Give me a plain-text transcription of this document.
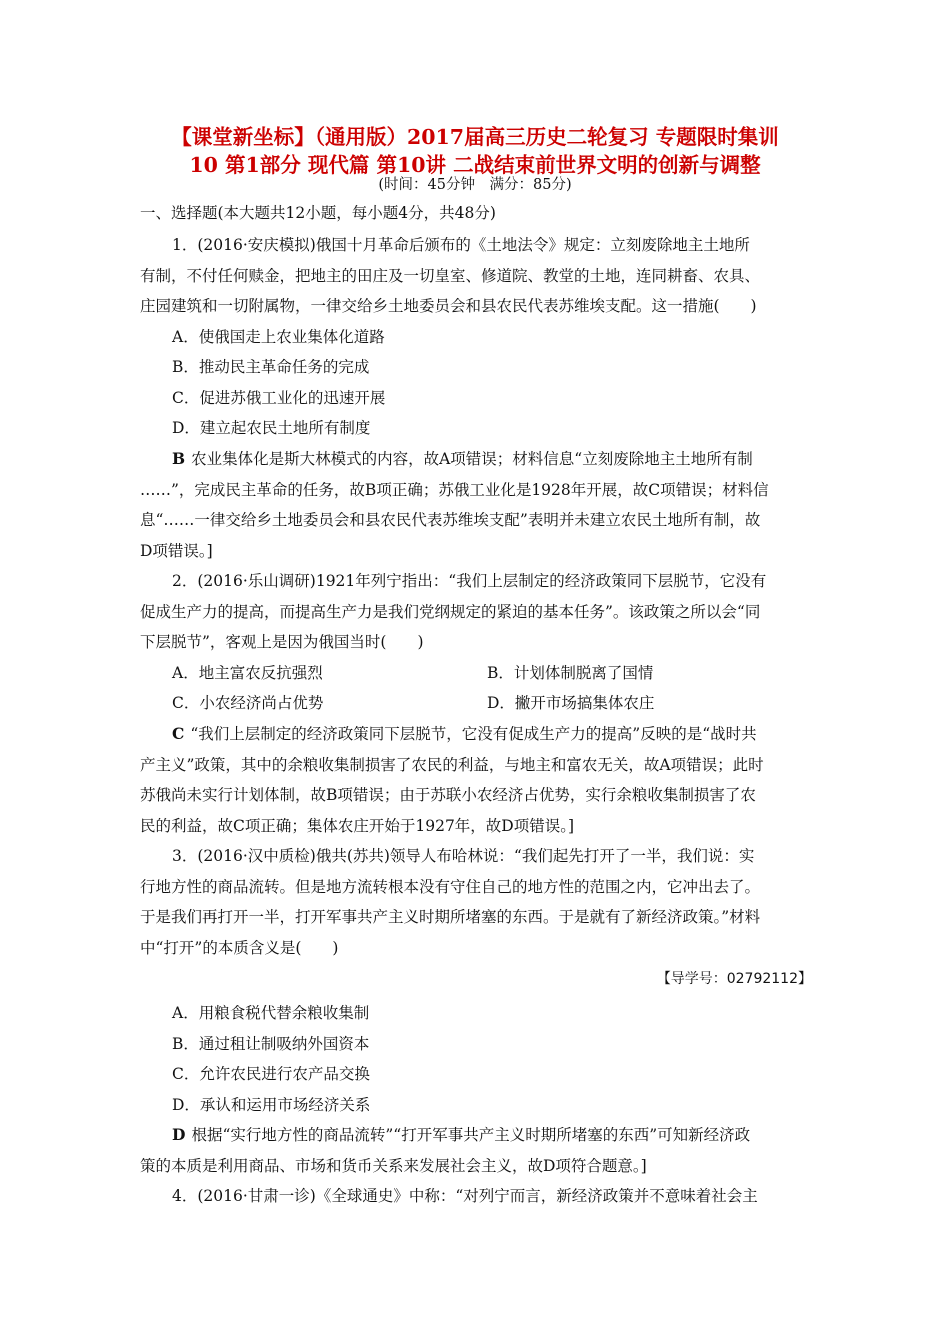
【课堂新坐标】（通用版）2017届高三历史二轮复习 专题限时集训
10 第1部分 现代篇 第10讲 二战结束前世界文明的创新与调整
(时间：45分钟　满分：85分)
一、选择题(本大题共12小题，每小题4分，共48分)
1．(2016·安庆模拟)俄国十月革命后颁布的《土地法令》规定：立刻废除地主土地所
有制，不付任何赎金，把地主的田庄及一切皇室、修道院、教堂的土地，连同耕畜、农具、
庄园建筑和一切附属物，一律交给乡土地委员会和县农民代表苏维埃支配。这一措施(　　)
A．使俄国走上农业集体化道路
B．推动民主革命任务的完成
C．促进苏俄工业化的迅速开展
D．建立起农民土地所有制度
B 农业集体化是斯大林模式的内容，故A项错误；材料信息“立刻废除地主土地所有制
……”，完成民主革命的任务，故B项正确；苏俄工业化是1928年开展，故C项错误；材料信
息“……一律交给乡土地委员会和县农民代表苏维埃支配”表明并未建立农民土地所有制，故
D项错误。]
2．(2016·乐山调研)1921年列宁指出：“我们上层制定的经济政策同下层脱节，它没有
促成生产力的提高，而提高生产力是我们党纲规定的紧迫的基本任务”。该政策之所以会“同
下层脱节”，客观上是因为俄国当时(　　)
A．地主富农反抗强烈	B．计划体制脱离了国情
C．小农经济尚占优势	D．撇开市场搞集体农庄
C “我们上层制定的经济政策同下层脱节，它没有促成生产力的提高”反映的是“战时共
产主义”政策，其中的余粮收集制损害了农民的利益，与地主和富农无关，故A项错误；此时
苏俄尚未实行计划体制，故B项错误；由于苏联小农经济占优势，实行余粮收集制损害了农
民的利益，故C项正确；集体农庄开始于1927年，故D项错误。]
3．(2016·汉中质检)俄共(苏共)领导人布哈林说：“我们起先打开了一半，我们说：实
行地方性的商品流转。但是地方流转根本没有守住自己的地方性的范围之内，它冲出去了。
于是我们再打开一半，打开军事共产主义时期所堵塞的东西。于是就有了新经济政策。”材料
中“打开”的本质含义是(　　)
【导学号：02792112】
A．用粮食税代替余粮收集制
B．通过租让制吸纳外国资本
C．允许农民进行农产品交换
D．承认和运用市场经济关系
D 根据“实行地方性的商品流转”“打开军事共产主义时期所堵塞的东西”可知新经济政
策的本质是利用商品、市场和货币关系来发展社会主义，故D项符合题意。]
4．(2016·甘肃一诊)《全球通史》中称：“对列宁而言，新经济政策并不意味着社会主
